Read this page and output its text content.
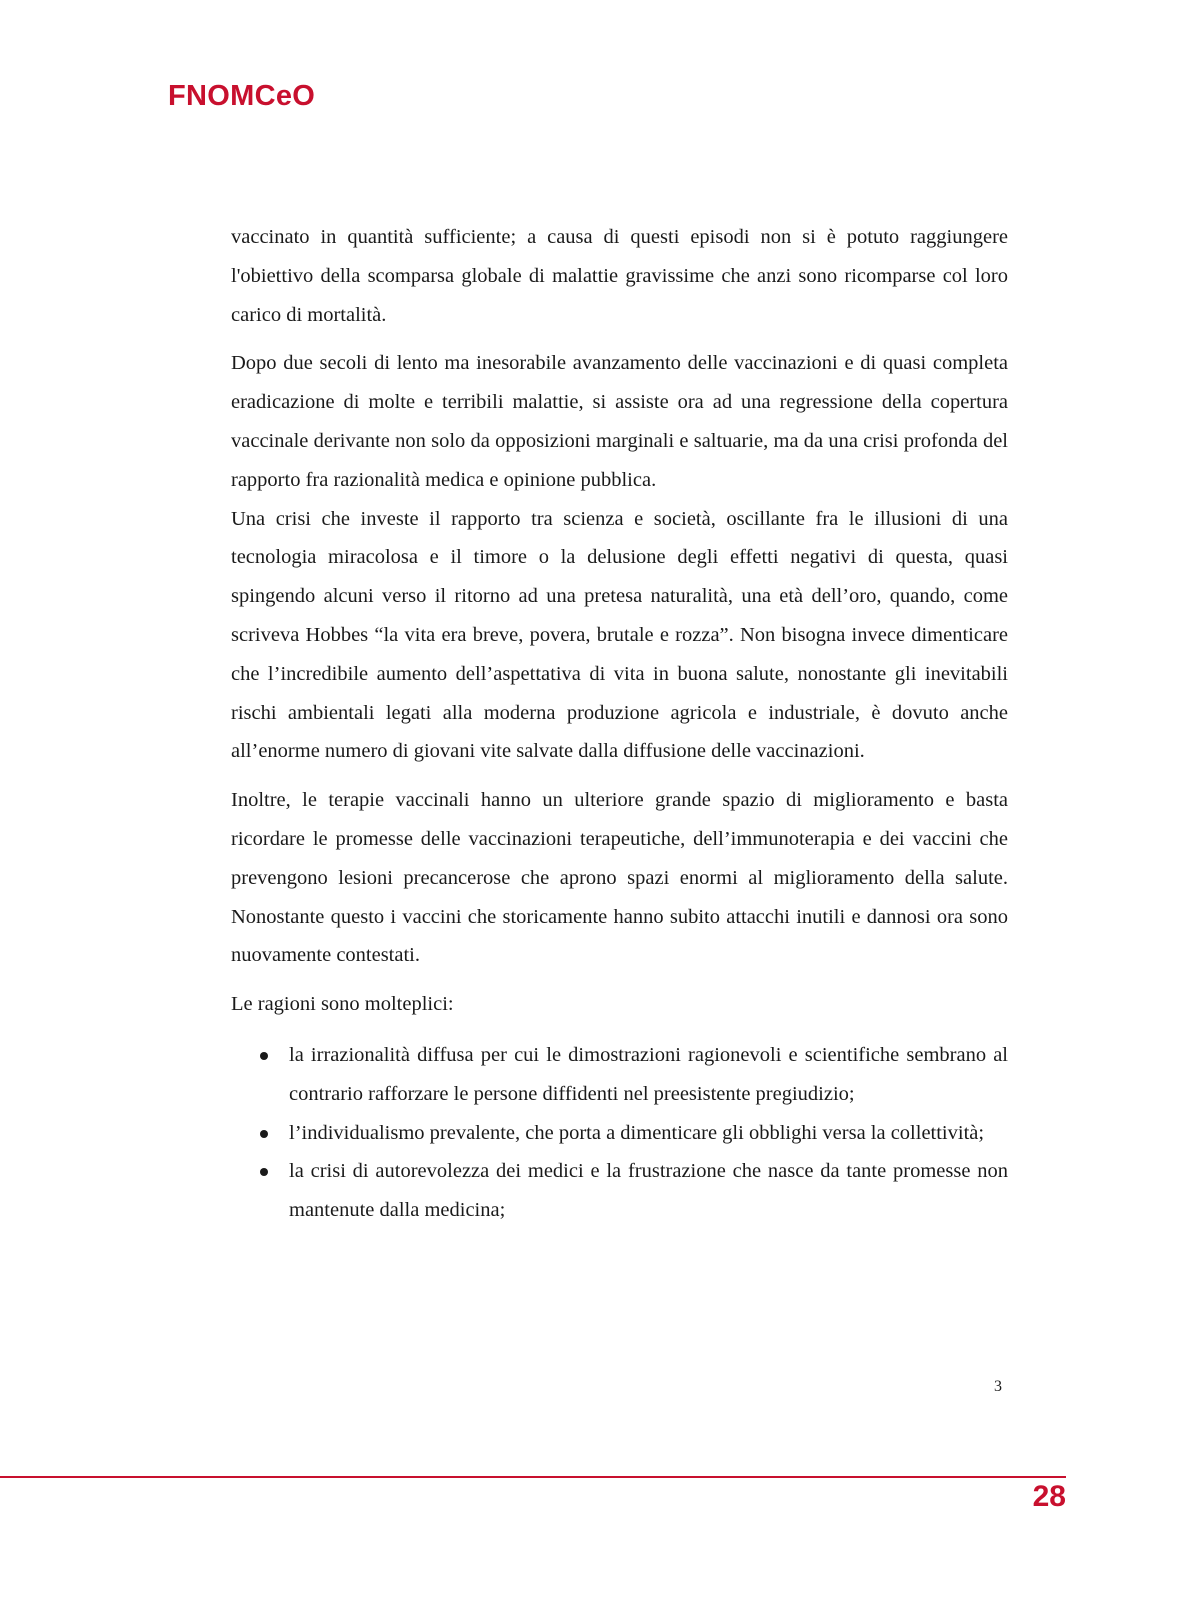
FNOMCeO

vaccinato in quantità sufficiente; a causa di questi episodi non si è potuto raggiungere l'obiettivo della scomparsa globale di malattie gravissime che anzi sono ricomparse col loro carico di mortalità.

Dopo due secoli di lento ma inesorabile avanzamento delle vaccinazioni e di quasi completa eradicazione di molte e terribili malattie, si assiste ora ad una regressione della copertura vaccinale derivante non solo da opposizioni marginali e saltuarie, ma da una crisi profonda del rapporto fra razionalità medica e opinione pubblica.

Una crisi che investe il rapporto tra scienza e società, oscillante fra le illusioni di una tecnologia miracolosa e il timore o la delusione degli effetti negativi di questa, quasi spingendo alcuni verso il ritorno ad una pretesa naturalità, una età dell’oro, quando, come scriveva Hobbes “la vita era breve, povera, brutale e rozza”. Non bisogna invece dimenticare che l’incredibile aumento dell’aspettativa di vita in buona salute, nonostante gli inevitabili rischi ambientali legati alla moderna produzione agricola e industriale, è dovuto anche all’enorme numero di giovani vite salvate dalla diffusione delle vaccinazioni.

Inoltre, le terapie vaccinali hanno un ulteriore grande spazio di miglioramento e basta ricordare le promesse delle vaccinazioni terapeutiche, dell’immunoterapia e dei vaccini che prevengono lesioni precancerose che aprono spazi enormi al miglioramento della salute. Nonostante questo i vaccini che storicamente hanno subito attacchi inutili e dannosi ora sono nuovamente contestati.

Le ragioni sono molteplici:

la irrazionalità diffusa per cui le dimostrazioni ragionevoli e scientifiche sembrano al contrario rafforzare le persone diffidenti nel preesistente pregiudizio;
l’individualismo prevalente, che porta a dimenticare gli obblighi versa la collettività;
la crisi di autorevolezza dei medici e la frustrazione che nasce da tante promesse non mantenute dalla medicina;
3
28
